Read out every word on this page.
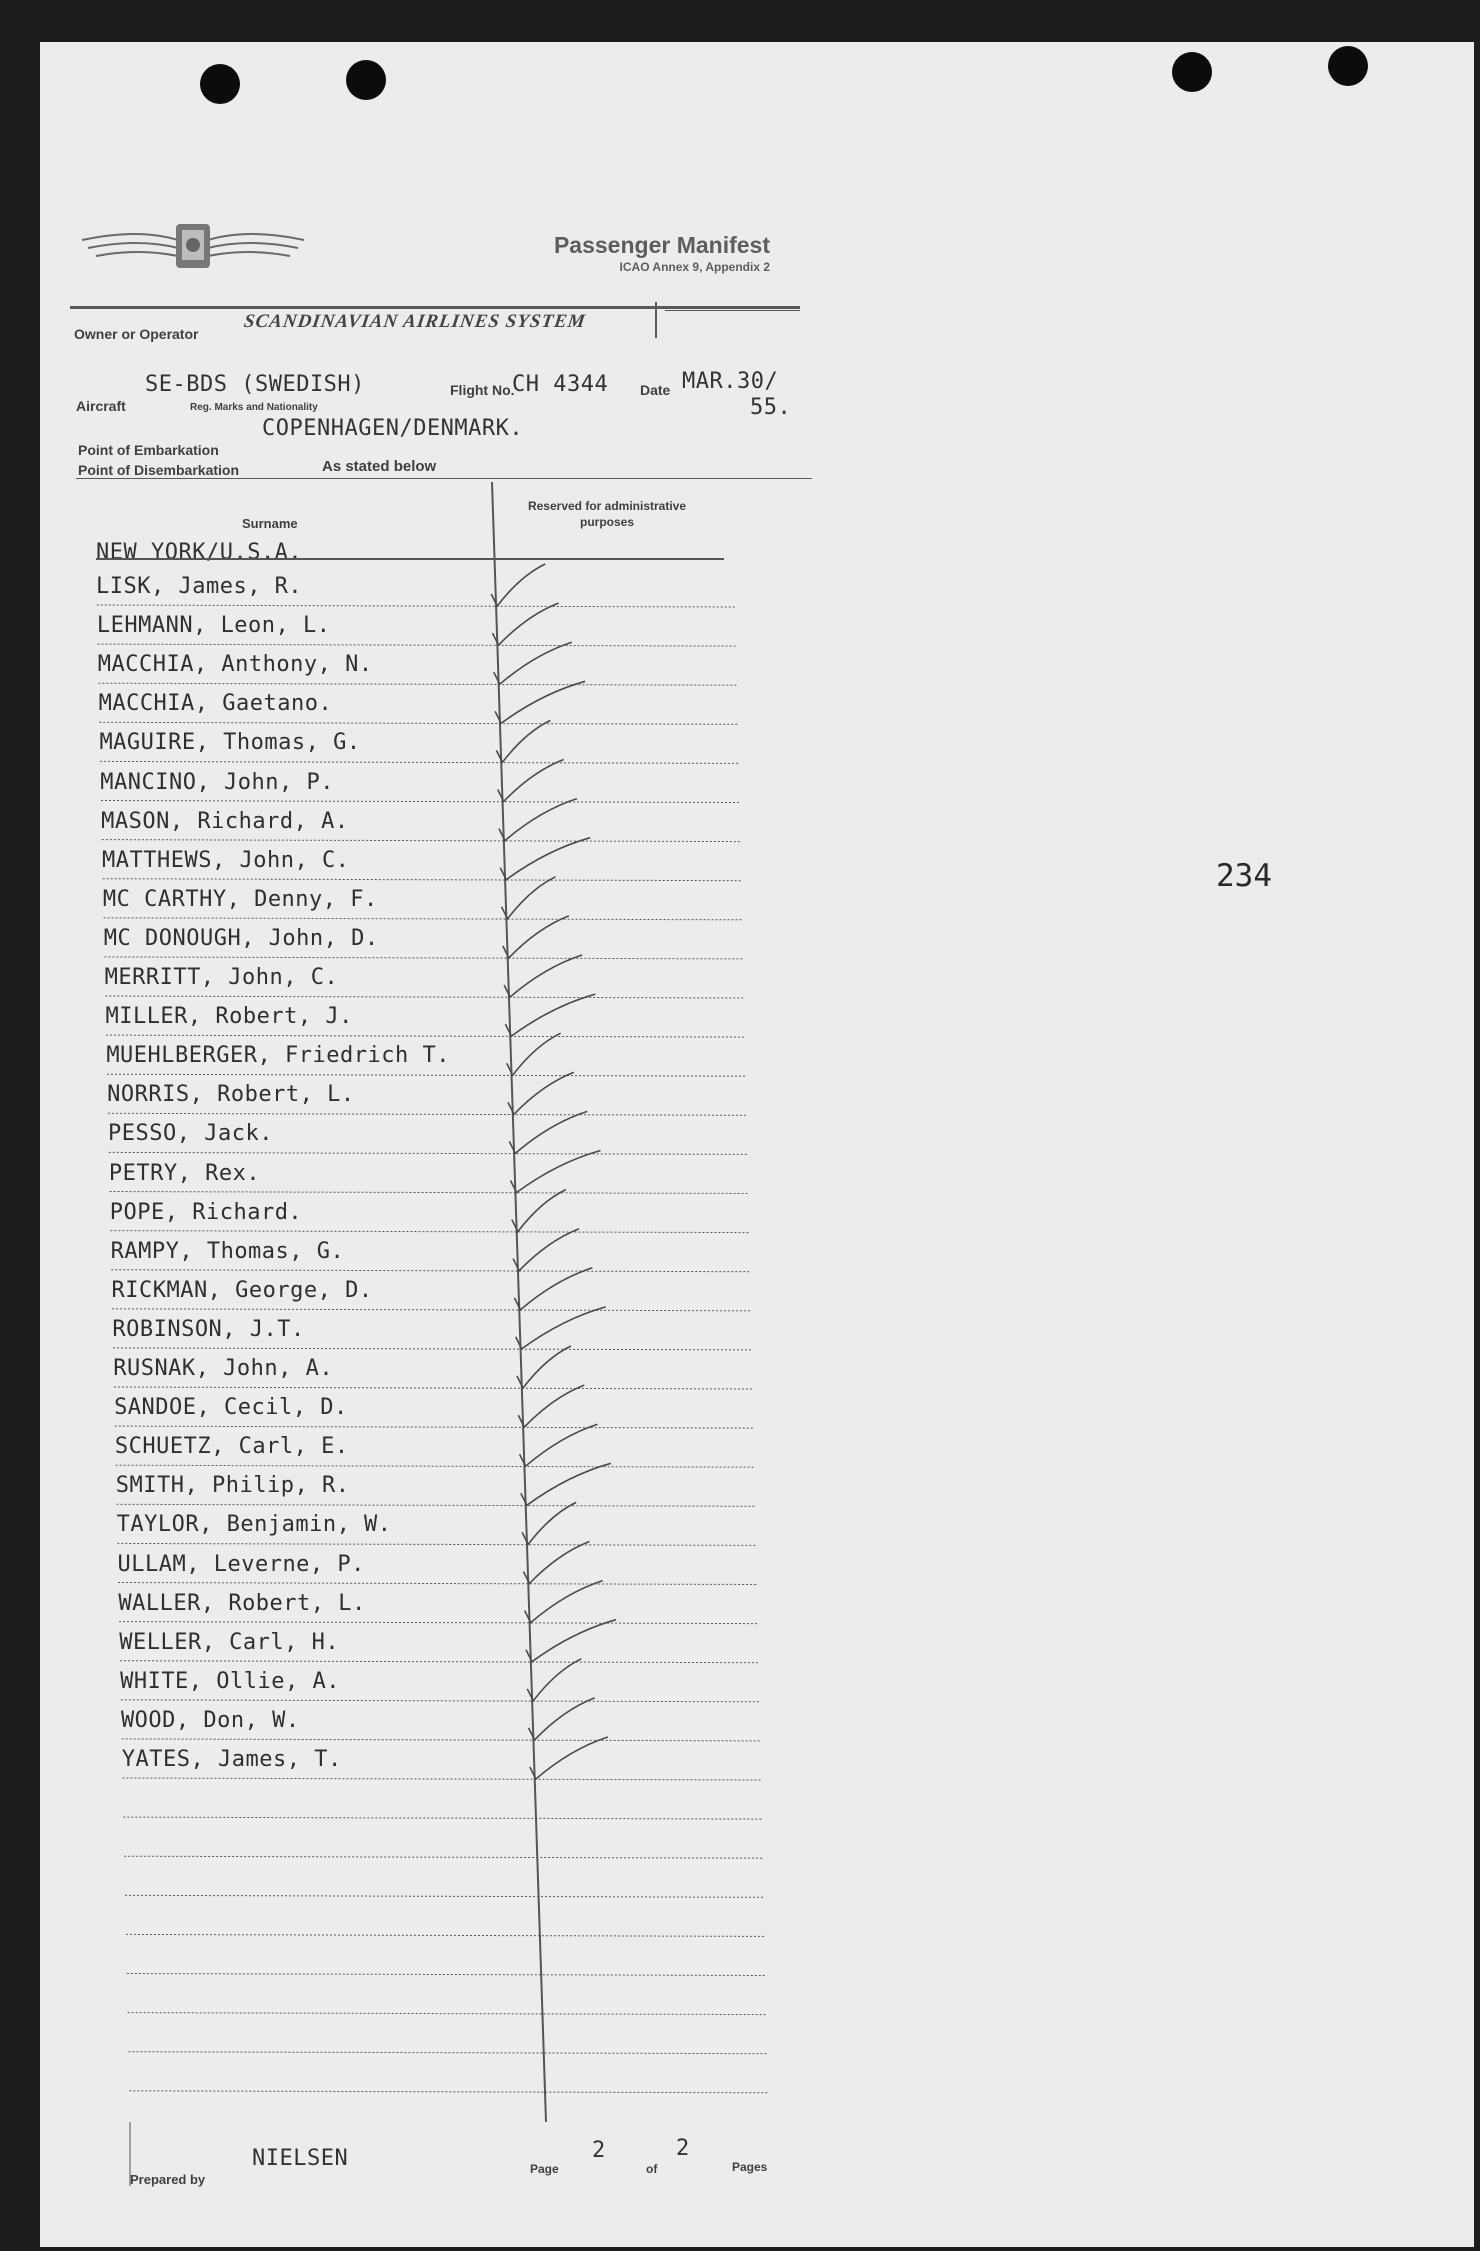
Passenger Manifest
ICAO Annex 9, Appendix 2
Owner or Operator
SCANDINAVIAN AIRLINES SYSTEM
Aircraft
SE-BDS (SWEDISH)
Reg. Marks and Nationality
Flight No.
CH 4344 Date MAR.30/
55.
Point of Embarkation
COPENHAGEN/DENMARK.
Point of Disembarkation	As stated below
Surname
Reserved for administrative purposes
NEW YORK/U.S.A.
LISK, James, R.
LEHMANN, Leon, L.
MACCHIA, Anthony, N.
MACCHIA, Gaetano.
MAGUIRE, Thomas, G.
MANCINO, John, P.
MASON, Richard, A.
MATTHEWS, John, C.
MC CARTHY, Denny, F.
MC DONOUGH, John, D.
MERRITT, John, C.
MILLER, Robert, J.
MUEHLBERGER, Friedrich T.
NORRIS, Robert, L.
PESSO, Jack.
PETRY, Rex.
POPE, Richard.
RAMPY, Thomas, G.
RICKMAN, George, D.
ROBINSON, J.T.
RUSNAK, John, A.
SANDOE, Cecil, D.
SCHUETZ, Carl, E.
SMITH, Philip, R.
TAYLOR, Benjamin, W.
ULLAM, Leverne, P.
WALLER, Robert, L.
WELLER, Carl, H.
WHITE, Ollie, A.
WOOD, Don, W.
YATES, James, T.
234
Prepared by
NIELSEN	Page
2
of
2
Pages
